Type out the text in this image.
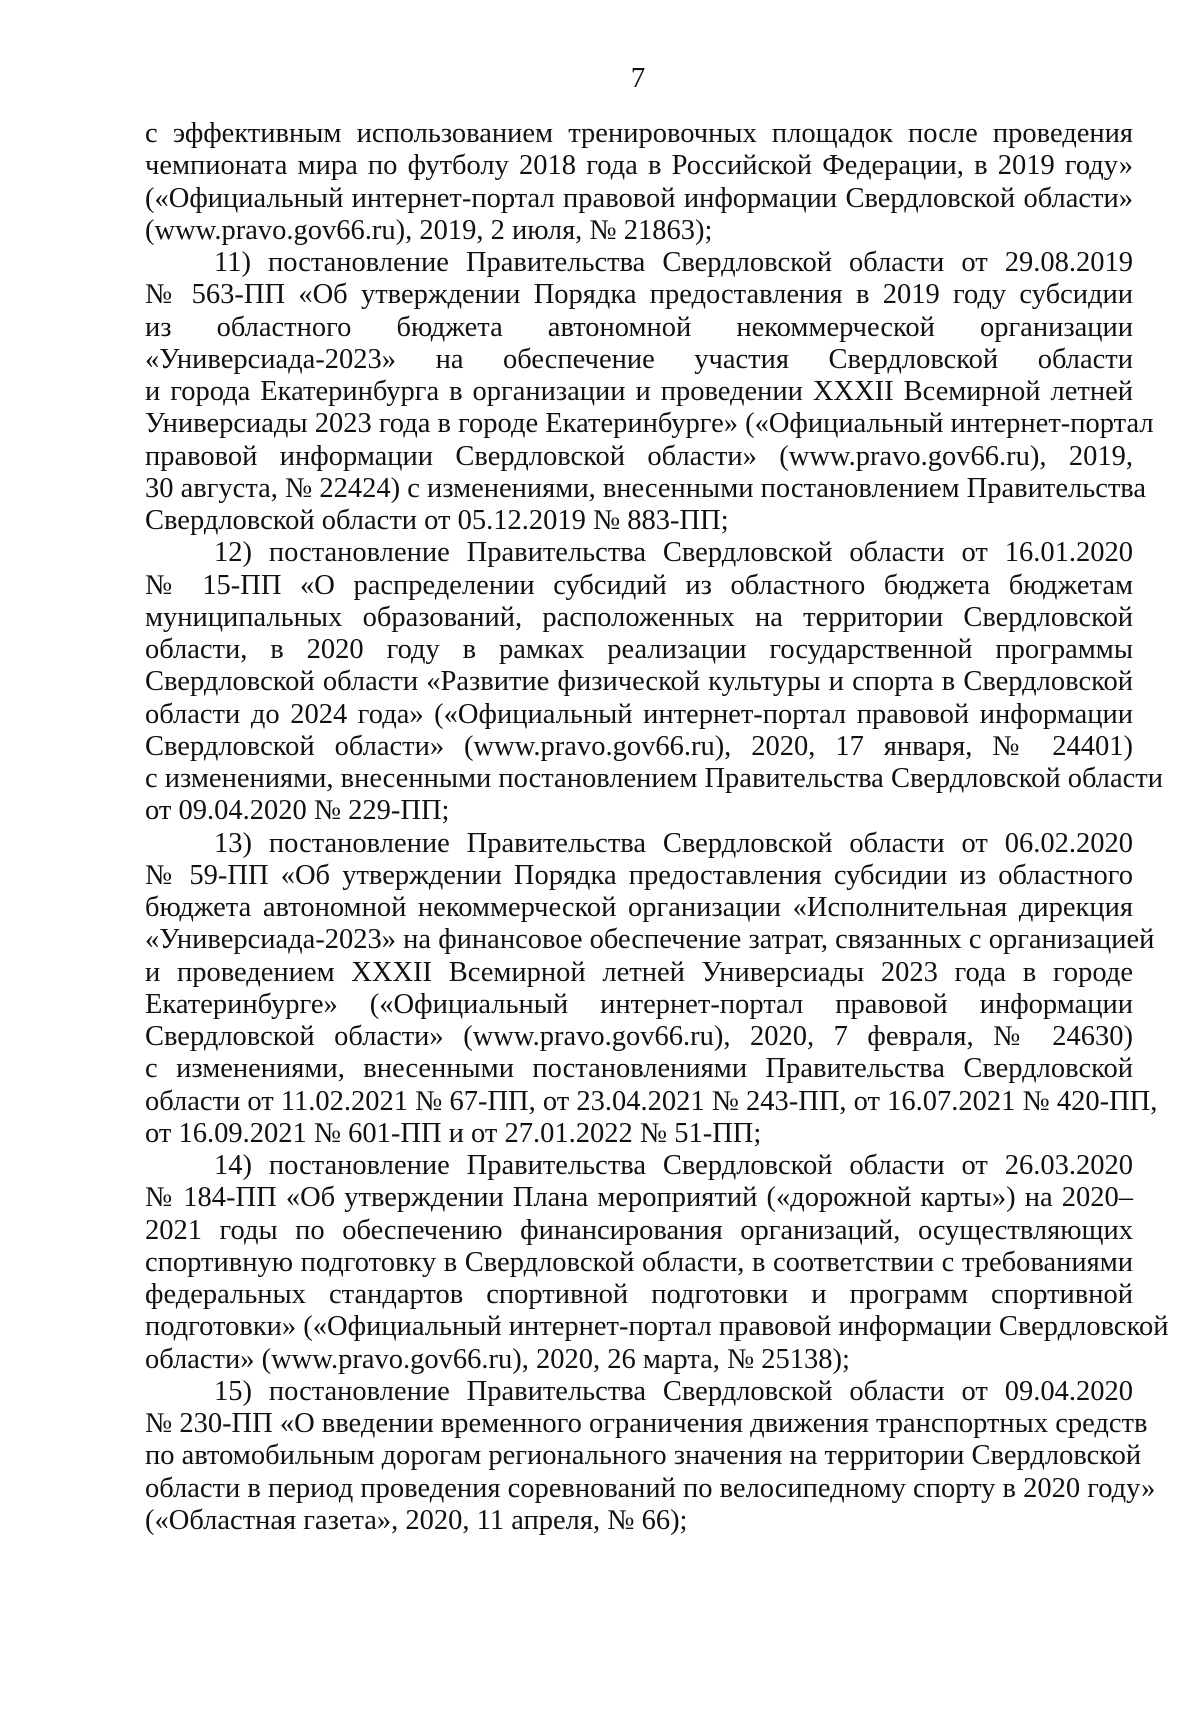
7
с эффективным использованием тренировочных площадок после проведения
чемпионата мира по футболу 2018 года в Российской Федерации, в 2019 году»
(«Официальный интернет-портал правовой информации Свердловской области»
(www.pravo.gov66.ru), 2019, 2 июля, № 21863);
11) постановление Правительства Свердловской области от 29.08.2019
№ 563-ПП «Об утверждении Порядка предоставления в 2019 году субсидии
из областного бюджета автономной некоммерческой организации
«Универсиада-2023» на обеспечение участия Свердловской области
и города Екатеринбурга в организации и проведении XXXII Всемирной летней
Универсиады 2023 года в городе Екатеринбурге» («Официальный интернет-портал
правовой информации Свердловской области» (www.pravo.gov66.ru), 2019,
30 августа, № 22424) с изменениями, внесенными постановлением Правительства
Свердловской области от 05.12.2019 № 883-ПП;
12) постановление Правительства Свердловской области от 16.01.2020
№ 15-ПП «О распределении субсидий из областного бюджета бюджетам
муниципальных образований, расположенных на территории Свердловской
области, в 2020 году в рамках реализации государственной программы
Свердловской области «Развитие физической культуры и спорта в Свердловской
области до 2024 года» («Официальный интернет-портал правовой информации
Свердловской области» (www.pravo.gov66.ru), 2020, 17 января, № 24401)
с изменениями, внесенными постановлением Правительства Свердловской области
от 09.04.2020 № 229-ПП;
13) постановление Правительства Свердловской области от 06.02.2020
№ 59-ПП «Об утверждении Порядка предоставления субсидии из областного
бюджета автономной некоммерческой организации «Исполнительная дирекция
«Универсиада-2023» на финансовое обеспечение затрат, связанных с организацией
и проведением XXXII Всемирной летней Универсиады 2023 года в городе
Екатеринбурге» («Официальный интернет-портал правовой информации
Свердловской области» (www.pravo.gov66.ru), 2020, 7 февраля, № 24630)
с изменениями, внесенными постановлениями Правительства Свердловской
области от 11.02.2021 № 67-ПП, от 23.04.2021 № 243-ПП, от 16.07.2021 № 420-ПП,
от 16.09.2021 № 601-ПП и от 27.01.2022 № 51-ПП;
14) постановление Правительства Свердловской области от 26.03.2020
№ 184-ПП «Об утверждении Плана мероприятий («дорожной карты») на 2020–
2021 годы по обеспечению финансирования организаций, осуществляющих
спортивную подготовку в Свердловской области, в соответствии с требованиями
федеральных стандартов спортивной подготовки и программ спортивной
подготовки» («Официальный интернет-портал правовой информации Свердловской
области» (www.pravo.gov66.ru), 2020, 26 марта, № 25138);
15) постановление Правительства Свердловской области от 09.04.2020
№ 230-ПП «О введении временного ограничения движения транспортных средств
по автомобильным дорогам регионального значения на территории Свердловской
области в период проведения соревнований по велосипедному спорту в 2020 году»
(«Областная газета», 2020, 11 апреля, № 66);
